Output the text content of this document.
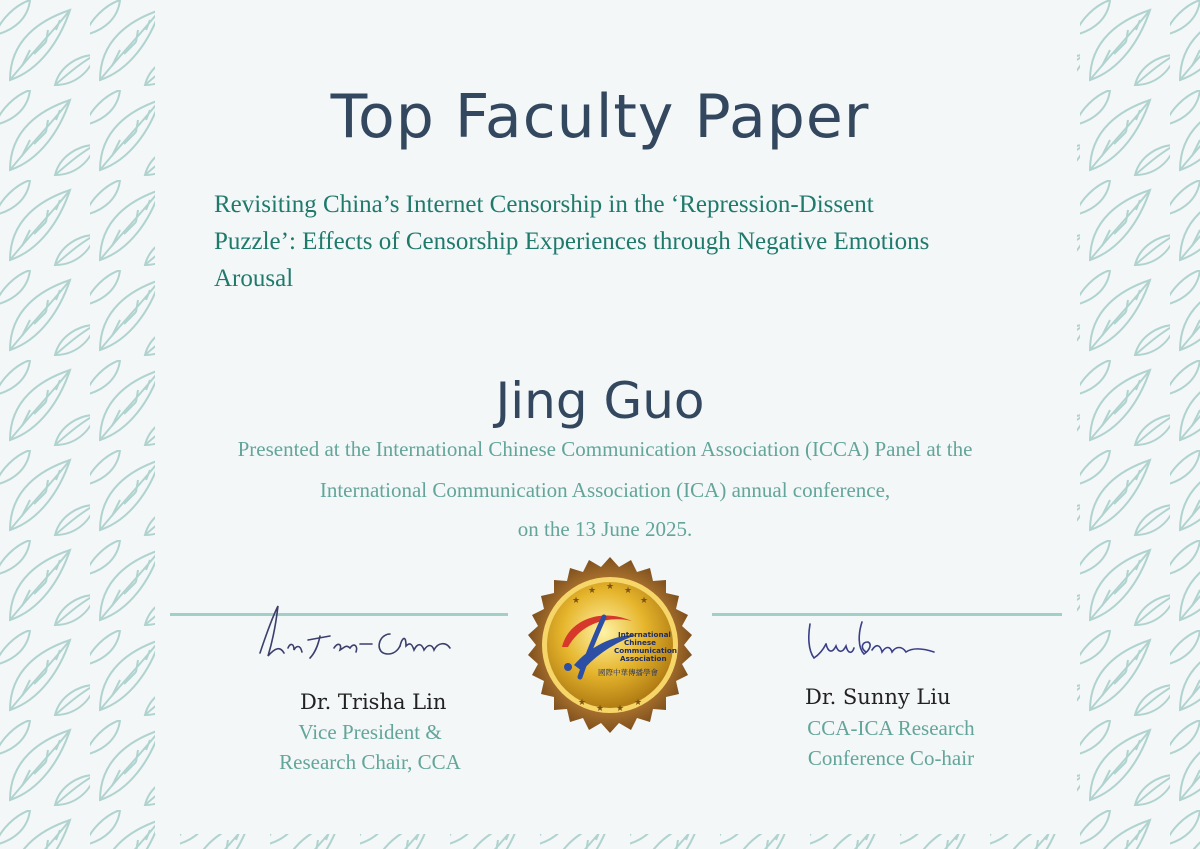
Top Faculty Paper
Revisiting China’s Internet Censorship in the ‘Repression-Dissent
Puzzle’: Effects of Censorship Experiences through Negative Emotions
Arousal
Jing Guo
Presented at the International Chinese Communication Association (ICCA) Panel at the
International Communication Association (ICA) annual conference,
on the 13 June 2025.
Dr. Trisha Lin
Vice President &
Research Chair, CCA
Dr. Sunny Liu
CCA-ICA Research
Conference Co-hair
★ ★ ★
★	★
★
★ ★
★
International
Chinese
Communication
Association
國際中華傳播學會
